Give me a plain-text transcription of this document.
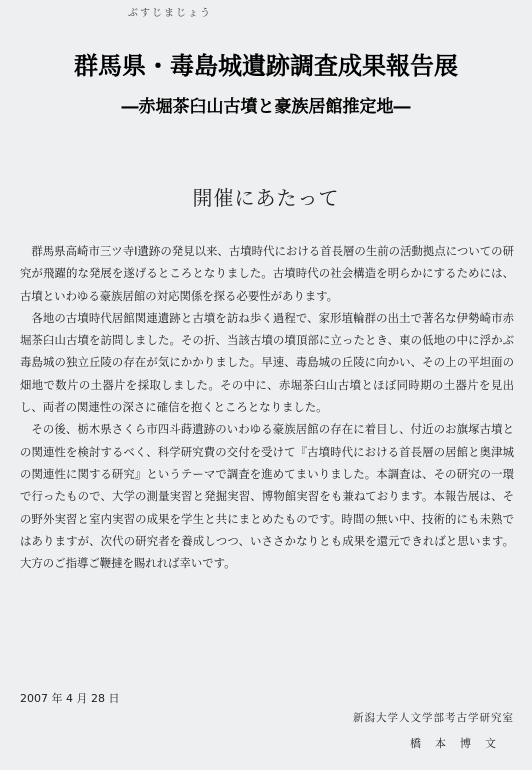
ぶすじまじょう
群馬県・毒島城遺跡調査成果報告展
―赤堀茶臼山古墳と豪族居館推定地―
開催にあたって

群馬県高崎市三ツ寺Ⅰ遺跡の発見以来、古墳時代における首長層の生前の活動拠点についての研究が飛躍的な発展を遂げるところとなりました。古墳時代の社会構造を明らかにするためには、古墳といわゆる豪族居館の対応関係を探る必要性があります。

各地の古墳時代居館関連遺跡と古墳を訪ね歩く過程で、家形埴輪群の出土で著名な伊勢崎市赤堀茶臼山古墳を訪問しました。その折、当該古墳の墳頂部に立ったとき、東の低地の中に浮かぶ毒島城の独立丘陵の存在が気にかかりました。早速、毒島城の丘陵に向かい、その上の平坦面の畑地で数片の土器片を採取しました。その中に、赤堀茶臼山古墳とほぼ同時期の土器片を見出し、両者の関連性の深さに確信を抱くところとなりました。

その後、栃木県さくら市四斗蒔遺跡のいわゆる豪族居館の存在に着目し、付近のお旗塚古墳との関連性を検討するべく、科学研究費の交付を受けて『古墳時代における首長層の居館と奥津城の関連性に関する研究』というテーマで調査を進めてまいりました。本調査は、その研究の一環で行ったもので、大学の測量実習と発掘実習、博物館実習をも兼ねております。本報告展は、その野外実習と室内実習の成果を学生と共にまとめたものです。時間の無い中、技術的にも未熟ではありますが、次代の研究者を養成しつつ、いささかなりとも成果を還元できればと思います。大方のご指導ご鞭撻を賜れれば幸いです。

2007 年 4 月 28 日
新潟大学人文学部考古学研究室
橋本博文
